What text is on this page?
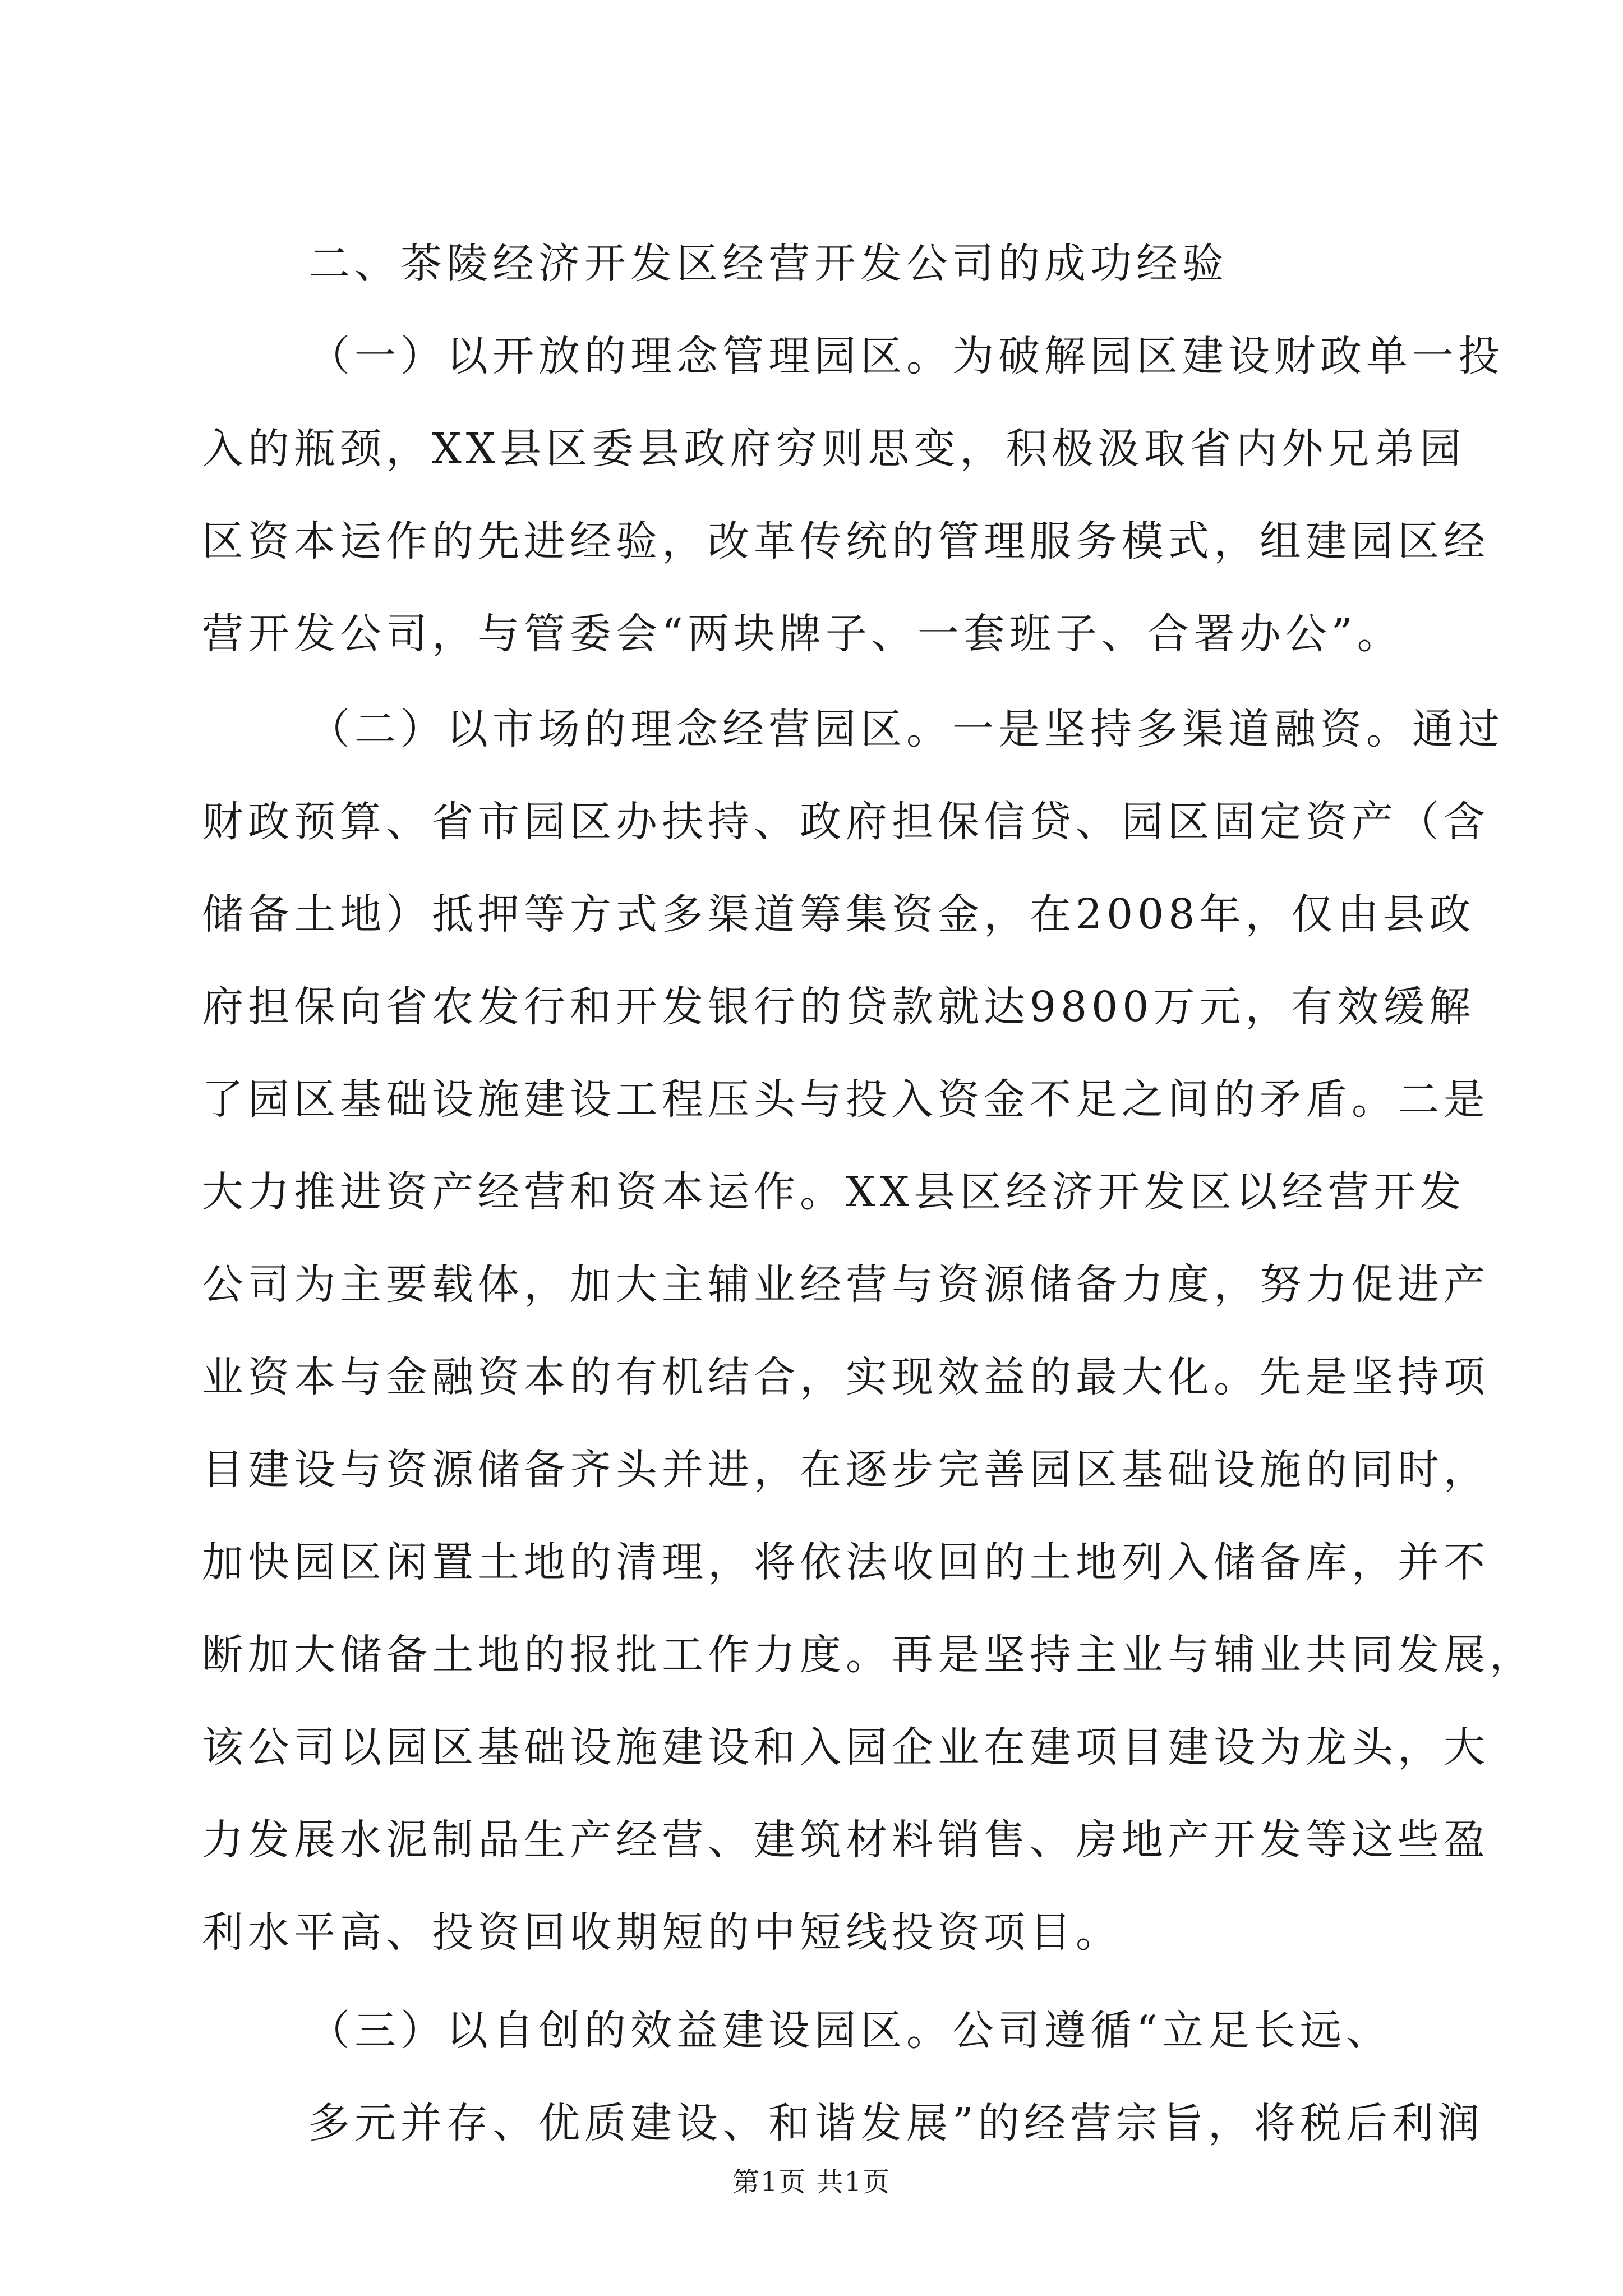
二、茶陵经济开发区经营开发公司的成功经验

（一）以开放的理念管理园区。为破解园区建设财政单一投

入的瓶颈，XX县区委县政府穷则思变，积极汲取省内外兄弟园

区资本运作的先进经验，改革传统的管理服务模式，组建园区经

营开发公司，与管委会“两块牌子、一套班子、合署办公”。

（二）以市场的理念经营园区。一是坚持多渠道融资。通过

财政预算、省市园区办扶持、政府担保信贷、园区固定资产（含

储备土地）抵押等方式多渠道筹集资金，在2008年，仅由县政

府担保向省农发行和开发银行的贷款就达9800万元，有效缓解

了园区基础设施建设工程压头与投入资金不足之间的矛盾。二是

大力推进资产经营和资本运作。XX县区经济开发区以经营开发

公司为主要载体，加大主辅业经营与资源储备力度，努力促进产

业资本与金融资本的有机结合，实现效益的最大化。先是坚持项

目建设与资源储备齐头并进，在逐步完善园区基础设施的同时，

加快园区闲置土地的清理，将依法收回的土地列入储备库，并不

断加大储备土地的报批工作力度。再是坚持主业与辅业共同发展，

该公司以园区基础设施建设和入园企业在建项目建设为龙头，大

力发展水泥制品生产经营、建筑材料销售、房地产开发等这些盈

利水平高、投资回收期短的中短线投资项目。

（三）以自创的效益建设园区。公司遵循“立足长远、

多元并存、优质建设、和谐发展”的经营宗旨，将税后利润

第1页 共1页
